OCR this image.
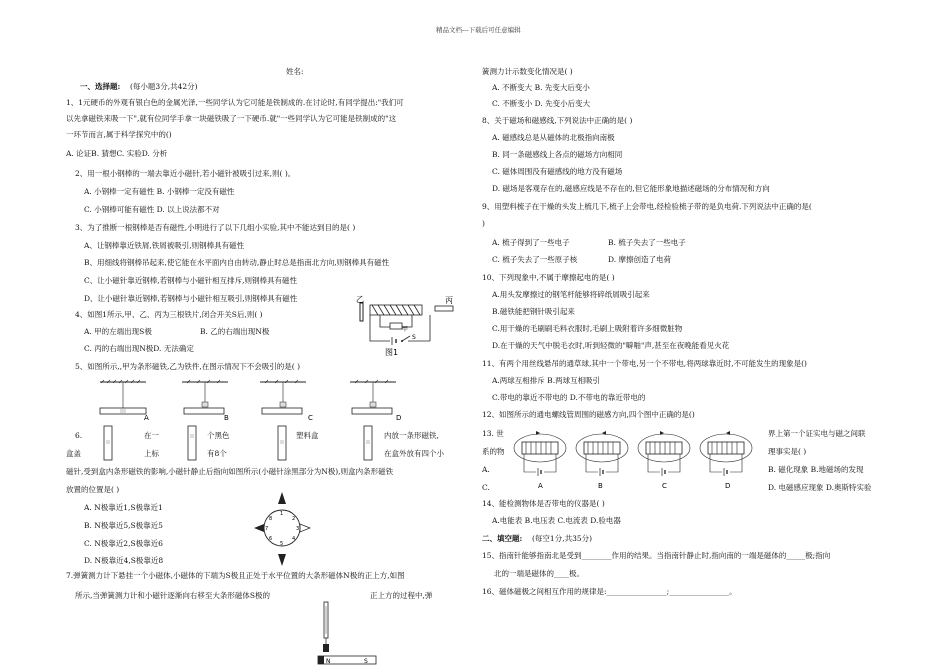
精品文档---下载后可任意编辑
姓名:
一、选择题: (每小题3分,共42分)
1、1元硬币的外观有银白色的金属光泽,一些同学认为它可能是铁制成的.在讨论时,有同学提出:"我们可
以先拿磁铁来吸一下",就有位同学手拿一块磁铁吸了一下硬币.就"一些同学认为它可能是铁制成的"这
一环节而言,属于科学探究中的()
A. 论证B. 猜想C. 实验D. 分析
2、用一根小钢棒的一端去靠近小磁针,若小磁针被吸引过来,则( )。
A. 小钢棒一定有磁性 B. 小钢棒一定没有磁性
C. 小钢棒可能有磁性 D. 以上说法都不对
3、为了推断一根钢棒是否有磁性,小明进行了以下几组小实验,其中不能达到目的是( )
A、让钢棒靠近铁屑,铁屑被吸引,则钢棒具有磁性
B、用细线将钢棒吊起来,使它能在水平面内自由转动,静止时总是指南北方向,则钢棒具有磁性
C、让小磁针靠近钢棒,若钢棒与小磁针相互排斥,则钢棒具有磁性
D、让小磁针靠近钢棒,若钢棒与小磁针相互吸引,则钢棒具有磁性
4、如图1所示,甲、乙、丙为三根铁片,闭合开关S后,则( )
A. 甲的左端出现S极	B. 乙的右端出现N极
C. 丙的右端出现N极D. 无法确定
乙	丙
甲
S
图1
5、如图所示,,甲为条形磁铁,乙为铁件,在图示情况下不会吸引的是( )
A	B	C	D
6.	在一	个黑色	塑料盒	内放一条形磁铁,
盒盖	上标	有8个	在盒外放有四个小
磁针,受到盒内条形磁铁的影响,小磁针静止后指向如图所示(小磁针涂黑部分为N极),则盒内条形磁铁
放置的位置是( )
A. N极靠近1,S极靠近1
B. N极靠近5,S极靠近5
C. N极靠近2,S极靠近6
D. N极靠近4,S极靠近8
1
2
3
4
5
6
7
8
7.弹簧测力计下悬挂一个小磁体,小磁体的下端为S极且正处于水平位置的大条形磁体N极的正上方,如图
所示,当弹簧测力计和小磁针逐渐向右移至大条形磁体S极的	正上方的过程中,弹
N	S
簧测力计示数变化情况是( )
A. 不断变大 B. 先变大后变小
C. 不断变小 D. 先变小后变大
8、关于磁场和磁感线,下列说法中正确的是( )
A. 磁感线总是从磁体的北极指向南极
B. 同一条磁感线上各点的磁场方向相同
C. 磁体周围没有磁感线的地方没有磁场
D. 磁场是客观存在的,磁感应线是不存在的,但它能形象地描述磁场的分布情况和方向
9、用塑料梳子在干燥的头发上梳几下,梳子上会带电,经检验梳子带的是负电荷.下列说法中正确的是(
)
A. 梳子得到了一些电子	B. 梳子失去了一些电子
C. 梳子失去了一些原子核	D. 摩擦创造了电荷
10、下列现象中,不属于摩擦起电的是( )
A.用头发摩擦过的钢笔杆能够将碎纸屑吸引起来
B.磁铁能把钢针吸引起来
C.用干燥的毛刷刷毛料衣服时,毛刷上吸附着许多细微脏物
D.在干燥的天气中脱毛衣时,听到轻微的"噼啪"声,甚至在夜晚能看见火花
11、有两个用丝线悬吊的通草球,其中一个带电,另一个不带电,将两球靠近时,不可能发生的现象是()
A.两球互相排斥 B.两球互相吸引
C.带电的靠近不带电的 D.不带电的靠近带电的
12、如图所示的通电螺线管周围的磁感方向,四个图中正确的是()
13. 世	界上第一个证实电与磁之间联
系的物	理事实是( )
A.	B. 磁化现象 B.地磁场的发现
C.	D. 电磁感应现象 D.奥斯特实验
A	B	C	D
14、能检测物体是否带电的仪器是( )
A.电能表 B.电压表 C.电流表 D.验电器
二、填空题: (每空1分,共35分)
15、指南针能够指南北是受到________作用的结果。当指南针静止时,指向南的一端是磁体的_____极;指向
北的一端是磁体的____极。
16、磁体磁极之间相互作用的规律是:________________;________________。
